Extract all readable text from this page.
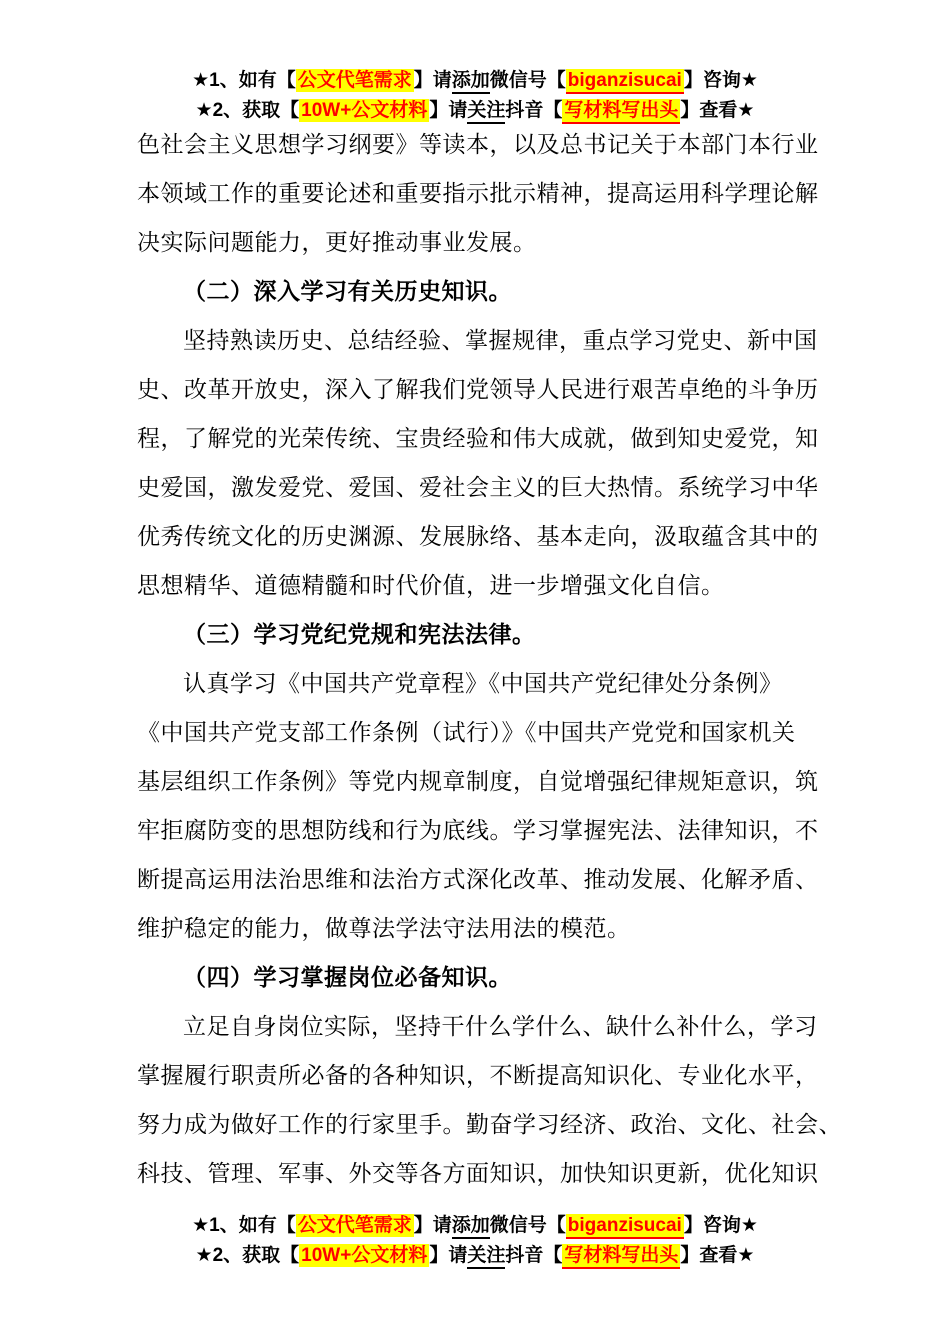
★1、如有【 公文代笔需求 】请添加微信号【 biganzisucai 】咨询★
★2、获取【 10W+公文材料 】请关注抖音【 写材料写出头 】查看★
色社会主义思想学习纲要》等读本，以及总书记关于本部门本行业
本领域工作的重要论述和重要指示批示精神，提高运用科学理论解
决实际问题能力，更好推动事业发展。
（二）深入学习有关历史知识。
坚持熟读历史、总结经验、掌握规律，重点学习党史、新中国
史、改革开放史，深入了解我们党领导人民进行艰苦卓绝的斗争历
程，了解党的光荣传统、宝贵经验和伟大成就，做到知史爱党，知
史爱国，激发爱党、爱国、爱社会主义的巨大热情。系统学习中华
优秀传统文化的历史渊源、发展脉络、基本走向，汲取蕴含其中的
思想精华、道德精髓和时代价值，进一步增强文化自信。
（三）学习党纪党规和宪法法律。
认真学习《中国共产党章程》《中国共产党纪律处分条例》
《中国共产党支部工作条例（试行）》《中国共产党党和国家机关
基层组织工作条例》等党内规章制度，自觉增强纪律规矩意识，筑
牢拒腐防变的思想防线和行为底线。学习掌握宪法、法律知识，不
断提高运用法治思维和法治方式深化改革、推动发展、化解矛盾、
维护稳定的能力，做尊法学法守法用法的模范。
（四）学习掌握岗位必备知识。
立足自身岗位实际，坚持干什么学什么、缺什么补什么，学习
掌握履行职责所必备的各种知识，不断提高知识化、专业化水平，
努力成为做好工作的行家里手。勤奋学习经济、政治、文化、社会、
科技、管理、军事、外交等各方面知识，加快知识更新，优化知识
★1、如有【 公文代笔需求 】请添加微信号【 biganzisucai 】咨询★
★2、获取【 10W+公文材料 】请关注抖音【 写材料写出头 】查看★
